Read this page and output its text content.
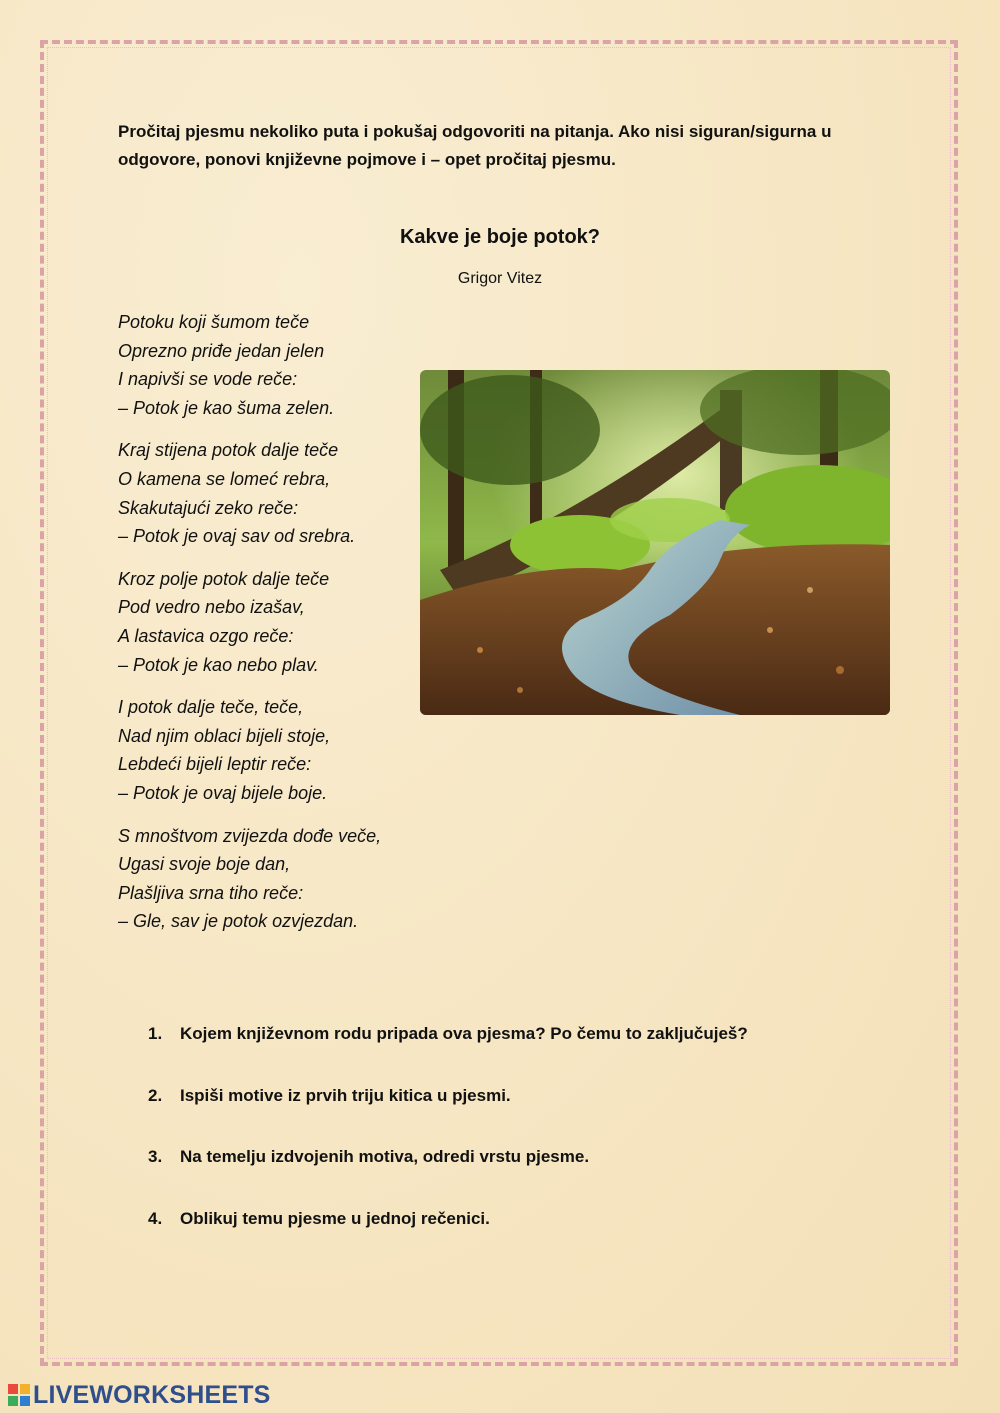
Pročitaj pjesmu nekoliko puta i pokušaj odgovoriti na pitanja. Ako nisi siguran/sigurna u odgovore, ponovi književne pojmove i – opet pročitaj pjesmu.

Kakve je boje potok?

Grigor Vitez

Potoku koji šumom teče
Oprezno priđe jedan jelen
I napivši se vode reče:
– Potok je kao šuma zelen.

Kraj stijena potok dalje teče
O kamena se lomeć rebra,
Skakutajući zeko reče:
– Potok je ovaj sav od srebra.

Kroz polje potok dalje teče
Pod vedro nebo izašav,
A lastavica ozgo reče:
– Potok je kao nebo plav.

I potok dalje teče, teče,
Nad njim oblaci bijeli stoje,
Lebdeći bijeli leptir reče:
– Potok je ovaj bijele boje.

S mnoštvom zvijezda dođe veče,
Ugasi svoje boje dan,
Plašljiva srna tiho reče:
– Gle, sav je potok ozvjezdan.

1. Kojem književnom rodu pripada ova pjesma? Po čemu to zaključuješ?
2. Ispiši motive iz prvih triju kitica u pjesmi.
3. Na temelju izdvojenih motiva, odredi vrstu pjesme.
4. Oblikuj temu pjesme u jednoj rečenici.
LIVEWORKSHEETS
